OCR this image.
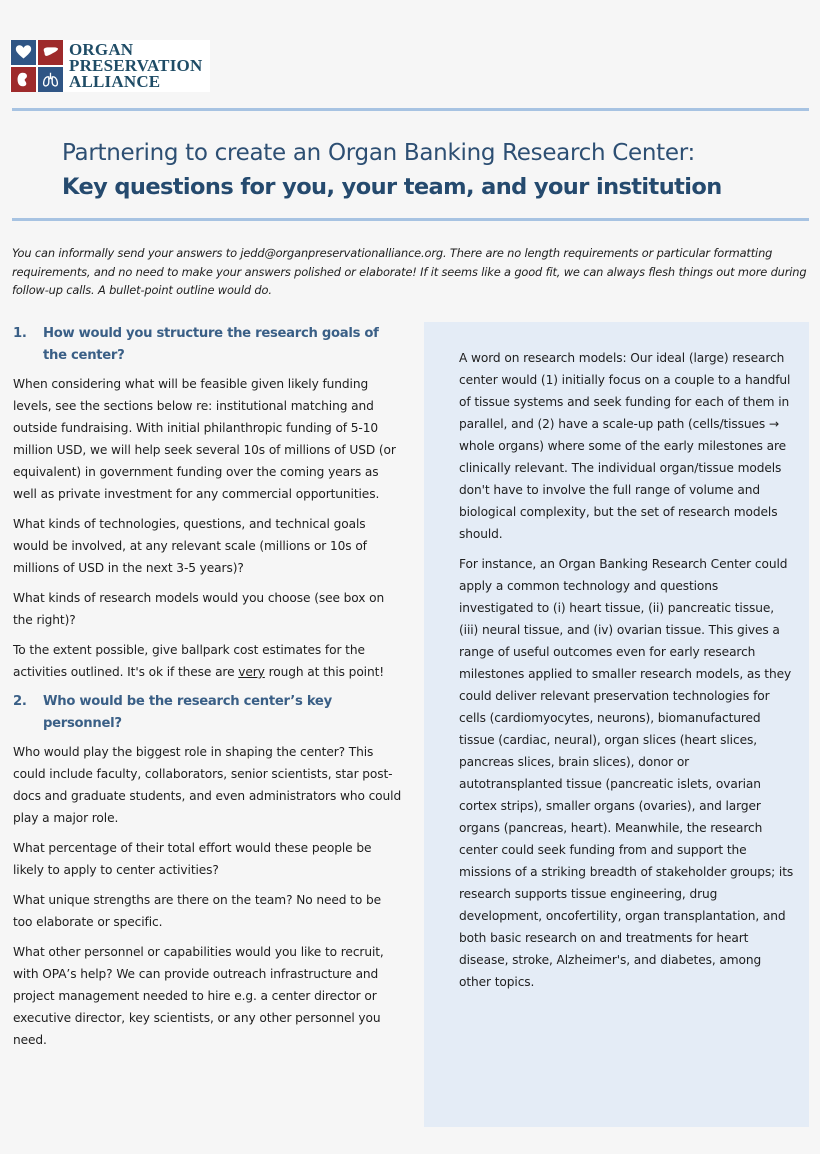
ORGAN
PRESERVATION
ALLIANCE
Partnering to create an Organ Banking Research Center:
Key questions for you, your team, and your institution
You can informally send your answers to jedd@organpreservationalliance.org. There are no length requirements or particular formatting requirements, and no need to make your answers polished or elaborate! If it seems like a good fit, we can always flesh things out more during follow-up calls. A bullet-point outline would do.
1.	How would you structure the research goals of the center?

When considering what will be feasible given likely funding levels, see the sections below re: institutional matching and outside fundraising. With initial philanthropic funding of 5-10 million USD, we will help seek several 10s of millions of USD (or equivalent) in government funding over the coming years as well as private investment for any commercial opportunities.

What kinds of technologies, questions, and technical goals would be involved, at any relevant scale (millions or 10s of millions of USD in the next 3-5 years)?

What kinds of research models would you choose (see box on the right)?

To the extent possible, give ballpark cost estimates for the activities outlined. It's ok if these are very rough at this point!

2.	Who would be the research center’s key personnel?

Who would play the biggest role in shaping the center? This could include faculty, collaborators, senior scientists, star post-docs and graduate students, and even administrators who could play a major role.

What percentage of their total effort would these people be likely to apply to center activities?

What unique strengths are there on the team? No need to be too elaborate or specific.

What other personnel or capabilities would you like to recruit, with OPA’s help? We can provide outreach infrastructure and project management needed to hire e.g. a center director or executive director, key scientists, or any other personnel you need.

A word on research models: Our ideal (large) research center would (1) initially focus on a couple to a handful of tissue systems and seek funding for each of them in parallel, and (2) have a scale-up path (cells/tissues → whole organs) where some of the early milestones are clinically relevant. The individual organ/tissue models don't have to involve the full range of volume and biological complexity, but the set of research models should.

For instance, an Organ Banking Research Center could apply a common technology and questions investigated to (i) heart tissue, (ii) pancreatic tissue, (iii) neural tissue, and (iv) ovarian tissue. This gives a range of useful outcomes even for early research milestones applied to smaller research models, as they could deliver relevant preservation technologies for cells (cardiomyocytes, neurons), biomanufactured tissue (cardiac, neural), organ slices (heart slices, pancreas slices, brain slices), donor or autotransplanted tissue (pancreatic islets, ovarian cortex strips), smaller organs (ovaries), and larger organs (pancreas, heart). Meanwhile, the research center could seek funding from and support the missions of a striking breadth of stakeholder groups; its research supports tissue engineering, drug development, oncofertility, organ transplantation, and both basic research on and treatments for heart disease, stroke, Alzheimer's, and diabetes, among other topics.
